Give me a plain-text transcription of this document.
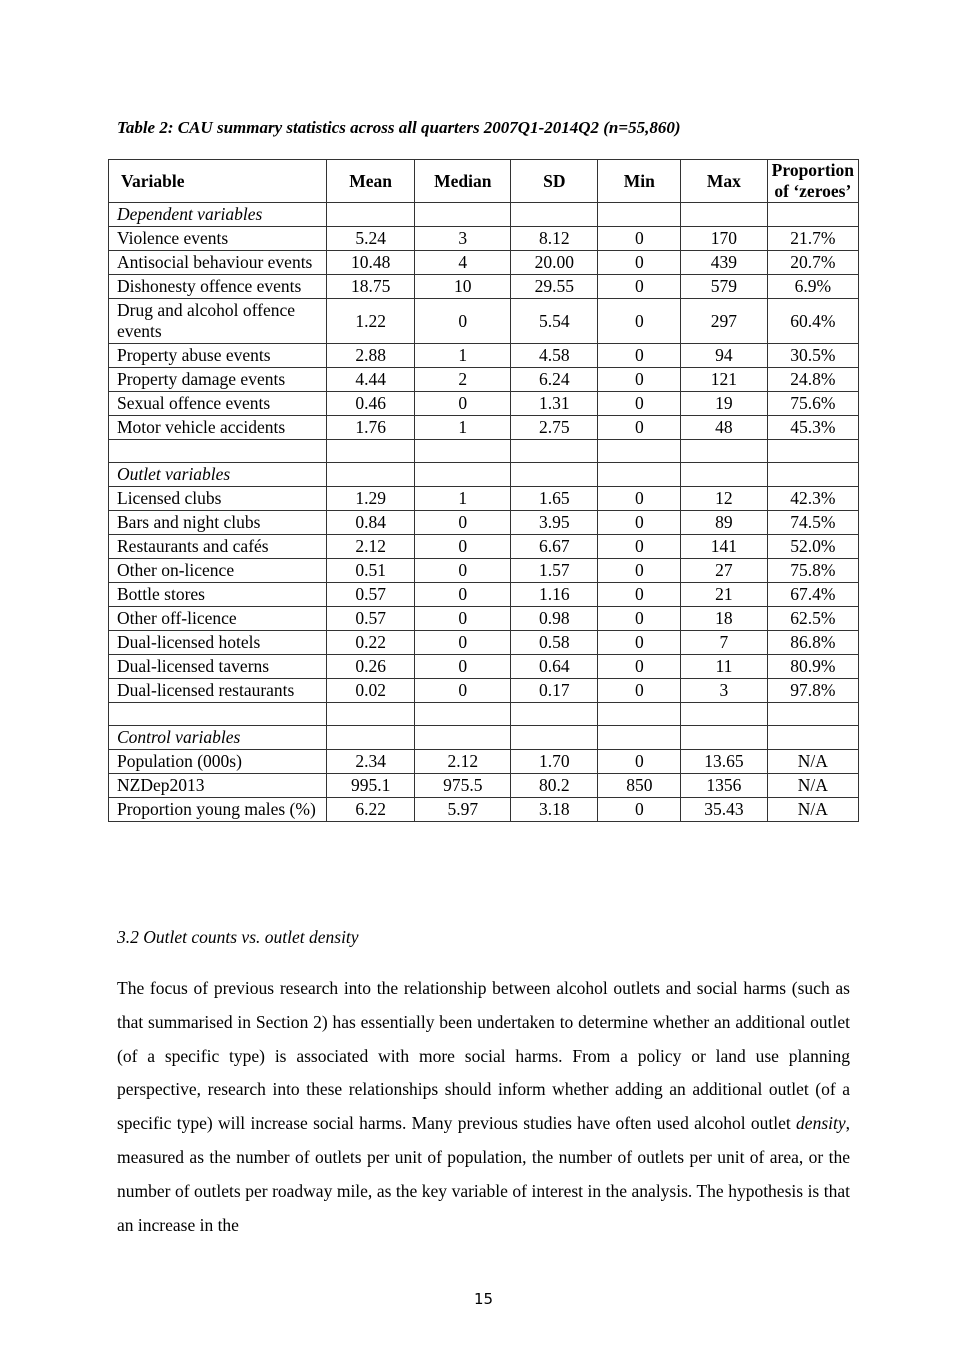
Table 2: CAU summary statistics across all quarters 2007Q1-2014Q2 (n=55,860)

Variable	Mean	Median	SD	Min	Max	Proportion of ‘zeroes’
Dependent variables						
Violence events	5.24	3	8.12	0	170	21.7%
Antisocial behaviour events	10.48	4	20.00	0	439	20.7%
Dishonesty offence events	18.75	10	29.55	0	579	6.9%
Drug and alcohol offence events	1.22	0	5.54	0	297	60.4%
Property abuse events	2.88	1	4.58	0	94	30.5%
Property damage events	4.44	2	6.24	0	121	24.8%
Sexual offence events	0.46	0	1.31	0	19	75.6%
Motor vehicle accidents	1.76	1	2.75	0	48	45.3%

Outlet variables						
Licensed clubs	1.29	1	1.65	0	12	42.3%
Bars and night clubs	0.84	0	3.95	0	89	74.5%
Restaurants and cafés	2.12	0	6.67	0	141	52.0%
Other on-licence	0.51	0	1.57	0	27	75.8%
Bottle stores	0.57	0	1.16	0	21	67.4%
Other off-licence	0.57	0	0.98	0	18	62.5%
Dual-licensed hotels	0.22	0	0.58	0	7	86.8%
Dual-licensed taverns	0.26	0	0.64	0	11	80.9%
Dual-licensed restaurants	0.02	0	0.17	0	3	97.8%

Control variables						
Population (000s)	2.34	2.12	1.70	0	13.65	N/A
NZDep2013	995.1	975.5	80.2	850	1356	N/A
Proportion young males (%)	6.22	5.97	3.18	0	35.43	N/A

3.2 Outlet counts vs. outlet density

The focus of previous research into the relationship between alcohol outlets and social harms (such as that summarised in Section 2) has essentially been undertaken to determine whether an additional outlet (of a specific type) is associated with more social harms. From a policy or land use planning perspective, research into these relationships should inform whether adding an additional outlet (of a specific type) will increase social harms. Many previous studies have often used alcohol outlet density, measured as the number of outlets per unit of population, the number of outlets per unit of area, or the number of outlets per roadway mile, as the key variable of interest in the analysis. The hypothesis is that an increase in the

15
